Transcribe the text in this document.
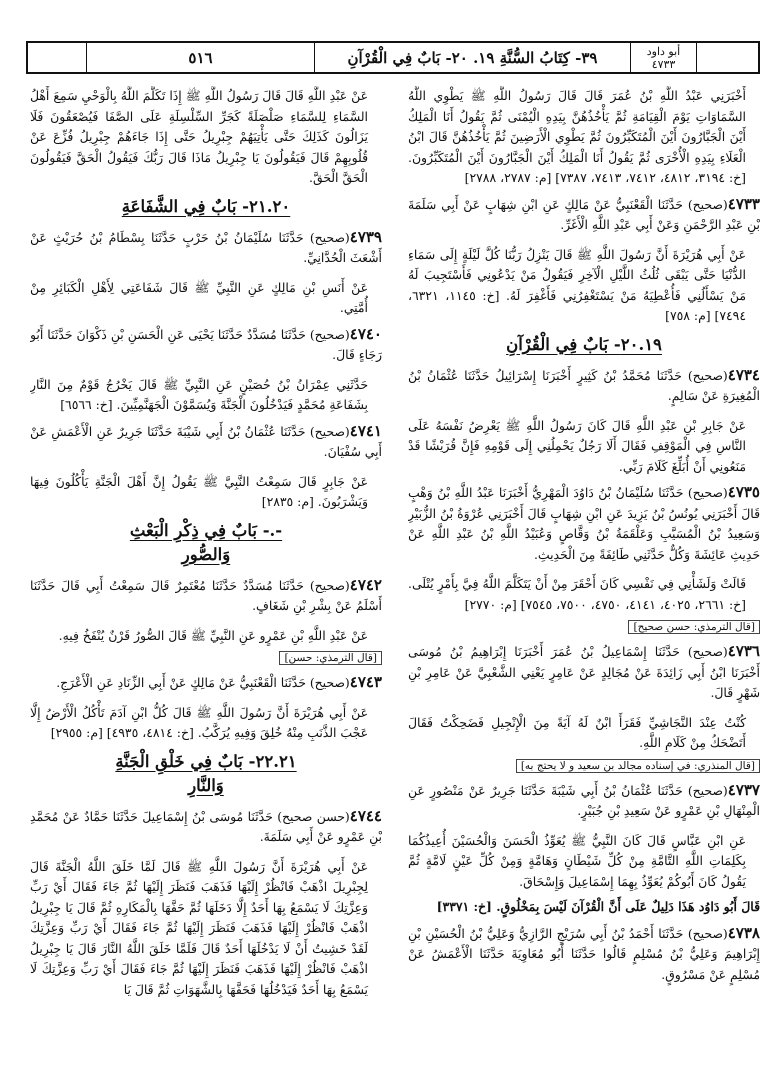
٥١٦	٣٩- كِتَابُ السُّنَّةِ ١٩. ٢٠- بَابٌ فِي الْقُرْآنِ	أبو داود
٤٧٣٣

أَخْبَرَنِي عَبْدُ اللَّهِ بْنُ عُمَرَ قَالَ قَالَ رَسُولُ اللَّهِ ﷺ يَطْوِي اللَّهُ السَّمَاوَاتِ يَوْمَ الْقِيَامَةِ ثُمَّ يَأْخُذُهُنَّ بِيَدِهِ الْيُمْنَى ثُمَّ يَقُولُ أَنَا الْمَلِكُ أَيْنَ الْجَبَّارُونَ أَيْنَ الْمُتَكَبِّرُونَ ثُمَّ يَطْوِي الْأَرَضِينَ ثُمَّ يَأْخُذُهُنَّ قَالَ ابْنُ الْعَلَاءِ بِيَدِهِ الْأُخْرَى ثُمَّ يَقُولُ أَنَا الْمَلِكُ أَيْنَ الْجَبَّارُونَ أَيْنَ الْمُتَكَبِّرُونَ. [خ: ٣١٩٤، ٤٨١٢، ٧٤١٢، ٧٤١٣، ٧٣٨٧] [م: ٢٧٨٧، ٢٧٨٨]

٤٧٣٣(صحيح) حَدَّثَنَا الْقَعْنَبِيُّ عَنْ مَالِكٍ عَنِ ابْنِ شِهَابٍ عَنْ أَبِي سَلَمَةَ بْنِ عَبْدِ الرَّحْمَنِ وَعَنْ أَبِي عَبْدِ اللَّهِ الْأَغَرِّ.

عَنْ أَبِي هُرَيْرَةَ أَنَّ رَسُولَ اللَّهِ ﷺ قَالَ يَنْزِلُ رَبُّنَا كُلَّ لَيْلَةٍ إِلَى سَمَاءِ الدُّنْيَا حَتَّى يَبْقَى ثُلُثُ اللَّيْلِ الْآخِرِ فَيَقُولُ مَنْ يَدْعُونِي فَأَسْتَجِيبَ لَهُ مَنْ يَسْأَلُنِي فَأُعْطِيَهُ مَنْ يَسْتَغْفِرُنِي فَأَغْفِرَ لَهُ. [خ: ١١٤٥، ٦٣٢١، ٧٤٩٤] [م: ٧٥٨]

٢٠.١٩- بَابٌ فِي الْقُرْآنِ

٤٧٣٤(صحيح) حَدَّثَنَا مُحَمَّدُ بْنُ كَثِيرٍ أَخْبَرَنَا إِسْرَائِيلُ حَدَّثَنَا عُثْمَانُ بْنُ الْمُغِيرَةِ عَنْ سَالِمٍ.

عَنْ جَابِرِ بْنِ عَبْدِ اللَّهِ قَالَ كَانَ رَسُولُ اللَّهِ ﷺ يَعْرِضُ نَفْسَهُ عَلَى النَّاسِ فِي الْمَوْقِفِ فَقَالَ أَلَا رَجُلٌ يَحْمِلُنِي إِلَى قَوْمِهِ فَإِنَّ قُرَيْشًا قَدْ مَنَعُونِي أَنْ أُبَلِّغَ كَلَامَ رَبِّي.

٤٧٣٥(صحيح) حَدَّثَنَا سُلَيْمَانُ بْنُ دَاوُدَ الْمَهْرِيُّ أَخْبَرَنَا عَبْدُ اللَّهِ بْنُ وَهْبٍ قَالَ أَخْبَرَنِي يُونُسُ بْنُ يَزِيدَ عَنِ ابْنِ شِهَابٍ قَالَ أَخْبَرَنِي عُرْوَةُ بْنُ الزُّبَيْرِ وَسَعِيدُ بْنُ الْمُسَيَّبِ وَعَلْقَمَةُ بْنُ وَقَّاصٍ وَعُبَيْدُ اللَّهِ بْنُ عَبْدِ اللَّهِ عَنْ حَدِيثِ عَائِشَةَ وَكُلٌّ حَدَّثَنِي طَائِفَةً مِنَ الْحَدِيثِ.

قَالَتْ وَلَشَأْنِي فِي نَفْسِي كَانَ أَحْقَرَ مِنْ أَنْ يَتَكَلَّمَ اللَّهُ فِيَّ بِأَمْرٍ يُتْلَى. [خ: ٢٦٦١، ٤٠٢٥، ٤١٤١، ٤٧٥٠، ٧٥٠٠، ٧٥٤٥] [م: ٢٧٧٠]

[قال الترمذي: حسن صحيح]

٤٧٣٦(صحيح) حَدَّثَنَا إِسْمَاعِيلُ بْنُ عُمَرَ أَخْبَرَنَا إِبْرَاهِيمُ بْنُ مُوسَى أَخْبَرَنَا ابْنُ أَبِي زَائِدَةَ عَنْ مُجَالِدٍ عَنْ عَامِرٍ يَعْنِي الشَّعْبِيَّ عَنْ عَامِرِ بْنِ شَهْرٍ قَالَ.

كُنْتُ عِنْدَ النَّجَاشِيِّ فَقَرَأَ ابْنٌ لَهُ آيَةً مِنَ الْإِنْجِيلِ فَضَحِكْتُ فَقَالَ أَتَضْحَكُ مِنْ كَلَامِ اللَّهِ.

[قال المنذري: في إسناده مجالد بن سعيد و لا يحتج به]

٤٧٣٧(صحيح) حَدَّثَنَا عُثْمَانُ بْنُ أَبِي شَيْبَةَ حَدَّثَنَا جَرِيرٌ عَنْ مَنْصُورٍ عَنِ الْمِنْهَالِ بْنِ عَمْرٍو عَنْ سَعِيدِ بْنِ جُبَيْرٍ.

عَنِ ابْنِ عَبَّاسٍ قَالَ كَانَ النَّبِيُّ ﷺ يُعَوِّذُ الْحَسَنَ وَالْحُسَيْنَ أُعِيذُكُمَا بِكَلِمَاتِ اللَّهِ التَّامَّةِ مِنْ كُلِّ شَيْطَانٍ وَهَامَّةٍ وَمِنْ كُلِّ عَيْنٍ لَامَّةٍ ثُمَّ يَقُولُ كَانَ أَبُوكُمْ يُعَوِّذُ بِهِمَا إِسْمَاعِيلَ وَإِسْحَاقَ.

قَالَ أَبُو دَاوُد هَذَا دَلِيلٌ عَلَى أَنَّ الْقُرْآنَ لَيْسَ بِمَخْلُوقٍ. [خ: ٣٣٧١]

٤٧٣٨(صحيح) حَدَّثَنَا أَحْمَدُ بْنُ أَبِي سُرَيْجٍ الرَّازِيُّ وَعَلِيُّ بْنُ الْحُسَيْنِ بْنِ إِبْرَاهِيمَ وَعَلِيُّ بْنُ مُسْلِمٍ قَالُوا حَدَّثَنَا أَبُو مُعَاوِيَةَ حَدَّثَنَا الْأَعْمَشُ عَنْ مُسْلِمٍ عَنْ مَسْرُوقٍ.

عَنْ عَبْدِ اللَّهِ قَالَ قَالَ رَسُولُ اللَّهِ ﷺ إِذَا تَكَلَّمَ اللَّهُ بِالْوَحْيِ سَمِعَ أَهْلُ السَّمَاءِ لِلسَّمَاءِ صَلْصَلَةً كَجَرِّ السِّلْسِلَةِ عَلَى الصَّفَا فَيُصْعَقُونَ فَلَا يَزَالُونَ كَذَلِكَ حَتَّى يَأْتِيَهُمْ جِبْرِيلُ حَتَّى إِذَا جَاءَهُمْ جِبْرِيلُ فُزِّعَ عَنْ قُلُوبِهِمْ قَالَ فَيَقُولُونَ يَا جِبْرِيلُ مَاذَا قَالَ رَبُّكَ فَيَقُولُ الْحَقَّ فَيَقُولُونَ الْحَقَّ الْحَقَّ.

٢١.٢٠- بَابٌ فِي الشَّفَاعَةِ

٤٧٣٩(صحيح) حَدَّثَنَا سُلَيْمَانُ بْنُ حَرْبٍ حَدَّثَنَا بِسْطَامُ بْنُ حُرَيْثٍ عَنْ أَشْعَثَ الْحُدَّانِيِّ.

عَنْ أَنَسِ بْنِ مَالِكٍ عَنِ النَّبِيِّ ﷺ قَالَ شَفَاعَتِي لِأَهْلِ الْكَبَائِرِ مِنْ أُمَّتِي.

٤٧٤٠(صحيح) حَدَّثَنَا مُسَدَّدٌ حَدَّثَنَا يَحْيَى عَنِ الْحَسَنِ بْنِ ذَكْوَانَ حَدَّثَنَا أَبُو رَجَاءٍ قَالَ.

حَدَّثَنِي عِمْرَانُ بْنُ حُصَيْنٍ عَنِ النَّبِيِّ ﷺ قَالَ يَخْرُجُ قَوْمٌ مِنَ النَّارِ بِشَفَاعَةِ مُحَمَّدٍ فَيَدْخُلُونَ الْجَنَّةَ وَيُسَمَّوْنَ الْجَهَنَّمِيِّينَ. [خ: ٦٥٦٦]

٤٧٤١(صحيح) حَدَّثَنَا عُثْمَانُ بْنُ أَبِي شَيْبَةَ حَدَّثَنَا جَرِيرٌ عَنِ الْأَعْمَشِ عَنْ أَبِي سُفْيَانَ.

عَنْ جَابِرٍ قَالَ سَمِعْتُ النَّبِيَّ ﷺ يَقُولُ إِنَّ أَهْلَ الْجَنَّةِ يَأْكُلُونَ فِيهَا وَيَشْرَبُونَ. [م: ٢٨٣٥]

-.- بَابٌ فِي ذِكْرِ الْبَعْثِ
وَالصُّورِ

٤٧٤٢(صحيح) حَدَّثَنَا مُسَدَّدٌ حَدَّثَنَا مُعْتَمِرٌ قَالَ سَمِعْتُ أَبِي قَالَ حَدَّثَنَا أَسْلَمُ عَنْ بِشْرِ بْنِ شَغَافٍ.

عَنْ عَبْدِ اللَّهِ بْنِ عَمْرٍو عَنِ النَّبِيِّ ﷺ قَالَ الصُّورُ قَرْنٌ يُنْفَخُ فِيهِ.

[قال الترمذي: حسن]

٤٧٤٣(صحيح) حَدَّثَنَا الْقَعْنَبِيُّ عَنْ مَالِكٍ عَنْ أَبِي الزِّنَادِ عَنِ الْأَعْرَجِ.

عَنْ أَبِي هُرَيْرَةَ أَنَّ رَسُولَ اللَّهِ ﷺ قَالَ كُلُّ ابْنِ آدَمَ تَأْكُلُ الْأَرْضُ إِلَّا عَجْبَ الذَّنَبِ مِنْهُ خُلِقَ وَفِيهِ يُرَكَّبُ. [خ: ٤٨١٤، ٤٩٣٥] [م: ٢٩٥٥]

٢٢.٢١- بَابٌ فِي خَلْقِ الْجَنَّةِ
وَالنَّارِ

٤٧٤٤(حسن صحيح) حَدَّثَنَا مُوسَى بْنُ إِسْمَاعِيلَ حَدَّثَنَا حَمَّادٌ عَنْ مُحَمَّدِ بْنِ عَمْرٍو عَنْ أَبِي سَلَمَةَ.

عَنْ أَبِي هُرَيْرَةَ أَنَّ رَسُولَ اللَّهِ ﷺ قَالَ لَمَّا خَلَقَ اللَّهُ الْجَنَّةَ قَالَ لِجِبْرِيلَ اذْهَبْ فَانْظُرْ إِلَيْهَا فَذَهَبَ فَنَظَرَ إِلَيْهَا ثُمَّ جَاءَ فَقَالَ أَيْ رَبِّ وَعِزَّتِكَ لَا يَسْمَعُ بِهَا أَحَدٌ إِلَّا دَخَلَهَا ثُمَّ حَفَّهَا بِالْمَكَارِهِ ثُمَّ قَالَ يَا جِبْرِيلُ اذْهَبْ فَانْظُرْ إِلَيْهَا فَذَهَبَ فَنَظَرَ إِلَيْهَا ثُمَّ جَاءَ فَقَالَ أَيْ رَبِّ وَعِزَّتِكَ لَقَدْ خَشِيتُ أَنْ لَا يَدْخُلَهَا أَحَدٌ قَالَ فَلَمَّا خَلَقَ اللَّهُ النَّارَ قَالَ يَا جِبْرِيلُ اذْهَبْ فَانْظُرْ إِلَيْهَا فَذَهَبَ فَنَظَرَ إِلَيْهَا ثُمَّ جَاءَ فَقَالَ أَيْ رَبِّ وَعِزَّتِكَ لَا يَسْمَعُ بِهَا أَحَدٌ فَيَدْخُلُهَا فَحَفَّهَا بِالشَّهَوَاتِ ثُمَّ قَالَ يَا
